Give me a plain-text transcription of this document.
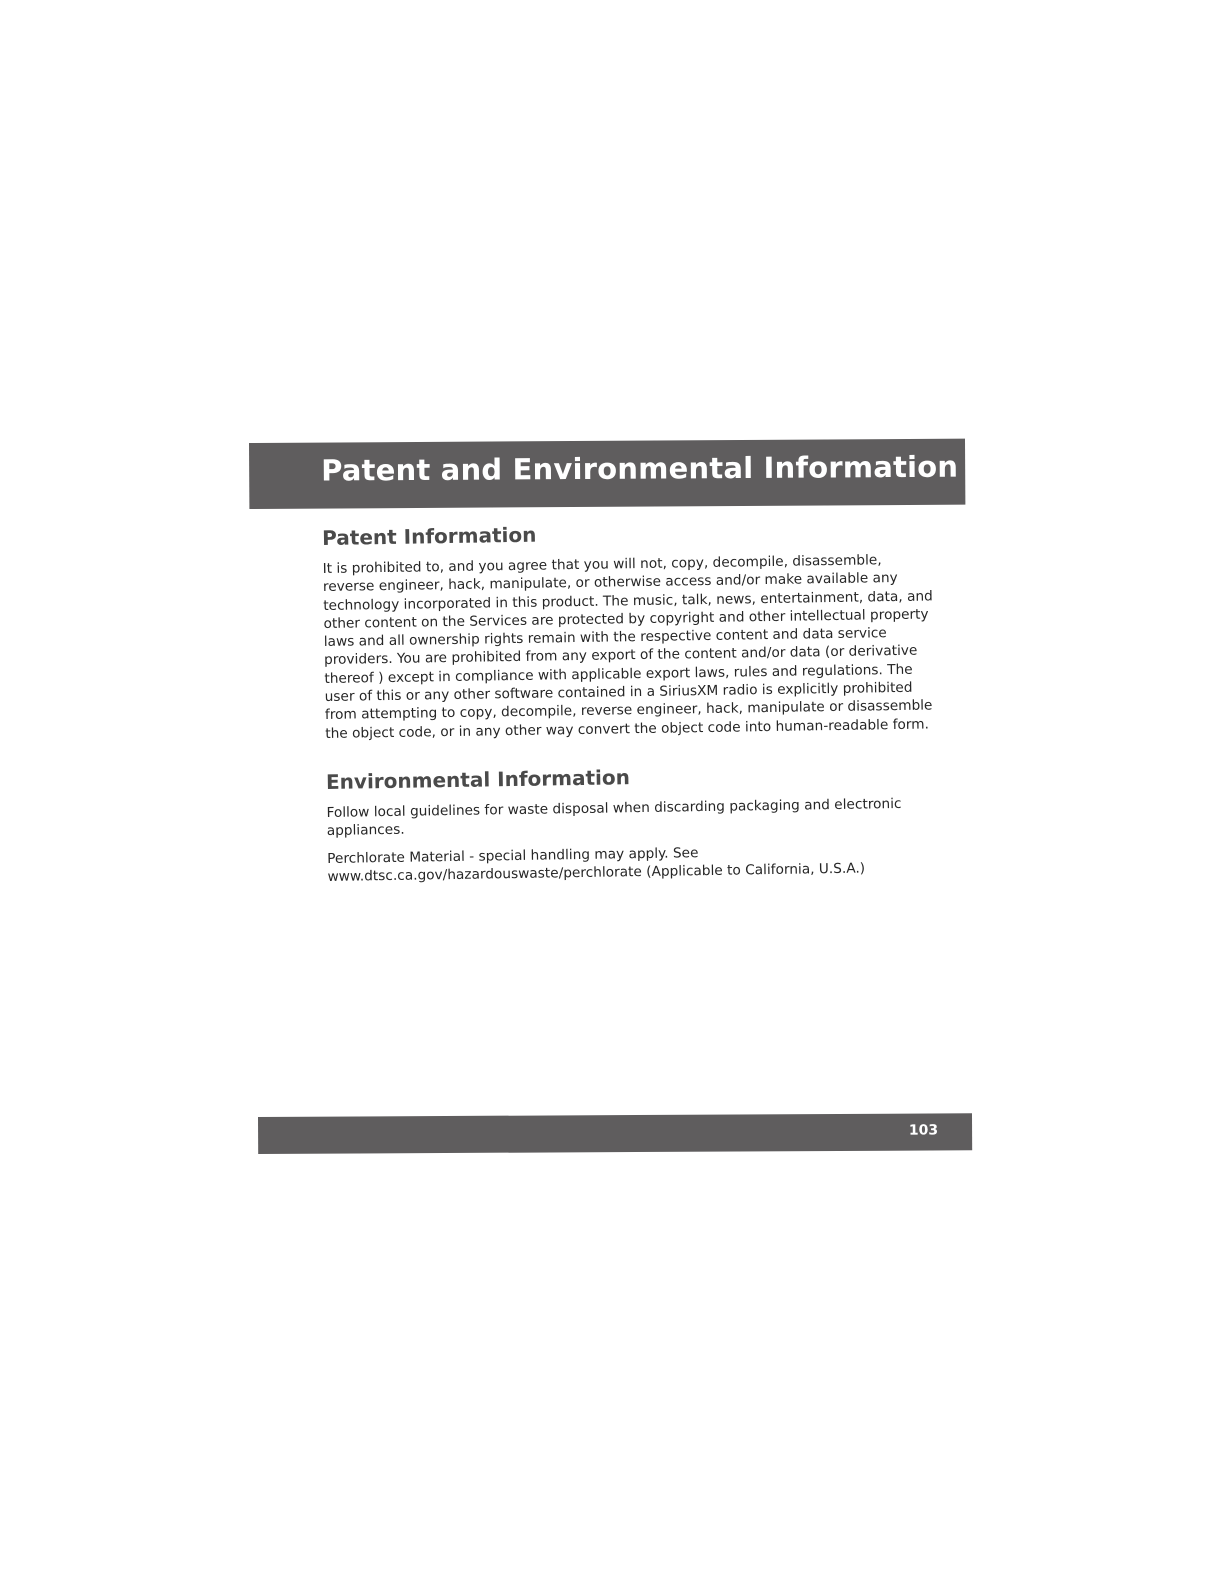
Patent and Environmental Information
Patent Information

It is prohibited to, and you agree that you will not, copy, decompile, disassemble, reverse engineer, hack, manipulate, or otherwise access and/or make available any technology incorporated in this product. The music, talk, news, entertainment, data, and other content on the Services are protected by copyright and other intellectual property laws and all ownership rights remain with the respective content and data service providers. You are prohibited from any export of the content and/or data (or derivative thereof ) except in compliance with applicable export laws, rules and regulations. The user of this or any other software contained in a SiriusXM radio is explicitly prohibited from attempting to copy, decompile, reverse engineer, hack, manipulate or disassemble the object code, or in any other way convert the object code into human-readable form.

Environmental Information

Follow local guidelines for waste disposal when discarding packaging and electronic appliances.

Perchlorate Material - special handling may apply. See www.dtsc.ca.gov/hazardouswaste/perchlorate (Applicable to California, U.S.A.)

103
